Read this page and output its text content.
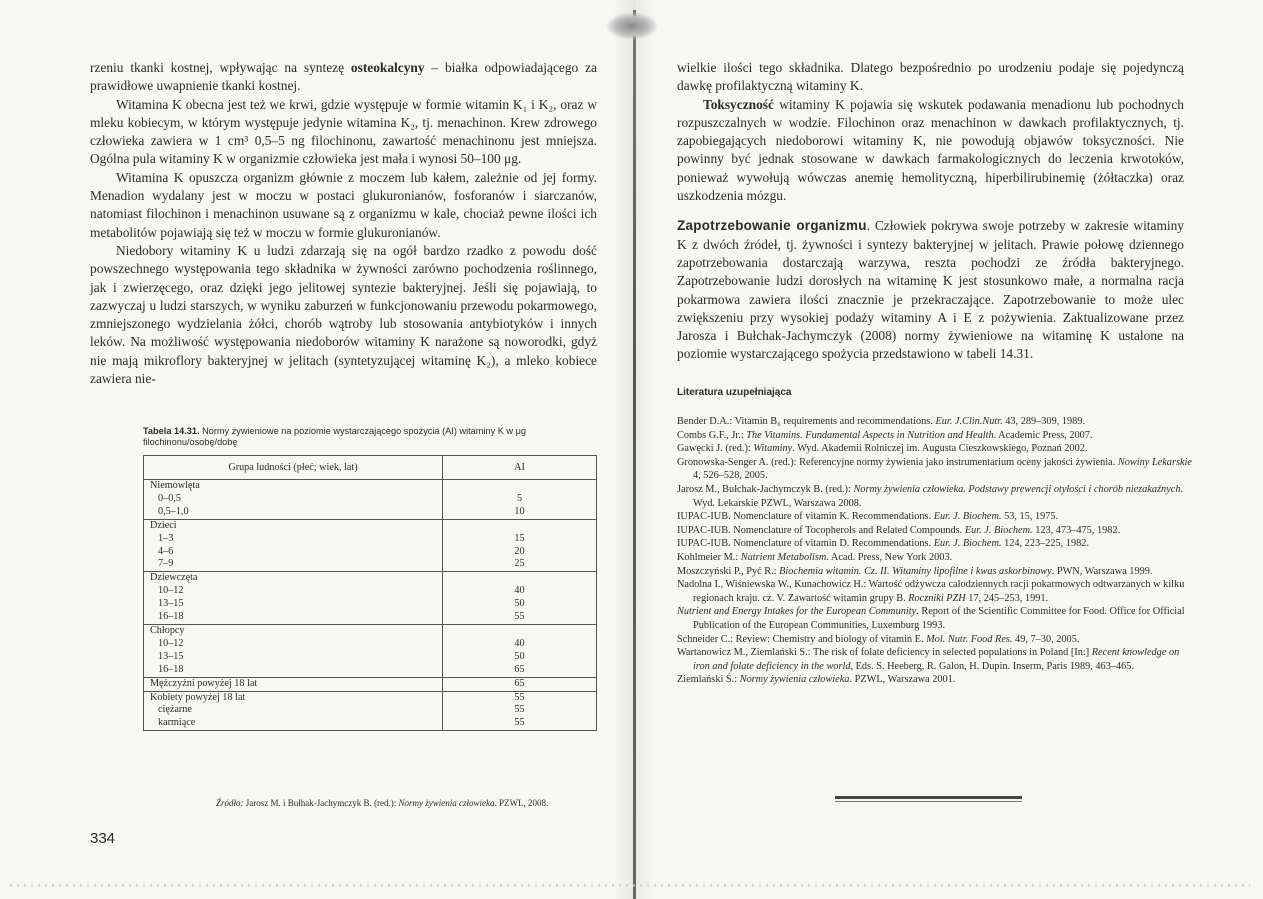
rzeniu tkanki kostnej, wpływając na syntezę osteokalcyny – białka odpowiadającego za prawidłowe uwapnienie tkanki kostnej.

Witamina K obecna jest też we krwi, gdzie występuje w formie witamin K₁ i K₂, oraz w mleku kobiecym, w którym występuje jedynie witamina K₂, tj. menachinon. Krew zdrowego człowieka zawiera w 1 cm³ 0,5–5 ng filochinonu, zawartość menachinonu jest mniejsza. Ogólna pula witaminy K w organizmie człowieka jest mała i wynosi 50–100 μg.

Witamina K opuszcza organizm głównie z moczem lub kałem, zależnie od jej formy. Menadion wydalany jest w moczu w postaci glukuronianów, fosforanów i siarczanów, natomiast filochinon i menachinon usuwane są z organizmu w kale, chociaż pewne ilości ich metabolitów pojawiają się też w moczu w formie glukuronianów.

Niedobory witaminy K u ludzi zdarzają się na ogół bardzo rzadko z powodu dość powszechnego występowania tego składnika w żywności zarówno pochodzenia roślinnego, jak i zwierzęcego, oraz dzięki jego jelitowej syntezie bakteryjnej. Jeśli się pojawiają, to zazwyczaj u ludzi starszych, w wyniku zaburzeń w funkcjonowaniu przewodu pokarmowego, zmniejszonego wydzielania żółci, chorób wątroby lub stosowania antybiotyków i innych leków. Na możliwość występowania niedoborów witaminy K narażone są noworodki, gdyż nie mają mikroflory bakteryjnej w jelitach (syntetyzującej witaminę K₂), a mleko kobiece zawiera nie-

Tabela 14.31. Normy żywieniowe na poziomie wystarczającego spożycia (AI) witaminy K w μg filochinonu/osobę/dobę
Grupa ludności (płeć; wiek, lat)	AI
Niemowlęta	
0–0,5	5
0,5–1,0	10
Dzieci	
1–3	15
4–6	20
7–9	25
Dziewczęta	
10–12	40
13–15	50
16–18	55
Chłopcy	
10–12	40
13–15	50
16–18	65
Mężczyźni powyżej 18 lat	65
Kobiety powyżej 18 lat	55
ciężarne	55
karmiące	55
Źródło: Jarosz M. i Bułhak-Jachymczyk B. (red.): Normy żywienia człowieka. PZWL, 2008.
334

wielkie ilości tego składnika. Dlatego bezpośrednio po urodzeniu podaje się pojedynczą dawkę profilaktyczną witaminy K.

Toksyczność witaminy K pojawia się wskutek podawania menadionu lub pochodnych rozpuszczalnych w wodzie. Filochinon oraz menachinon w dawkach profilaktycznych, tj. zapobiegających niedoborowi witaminy K, nie powodują objawów toksyczności. Nie powinny być jednak stosowane w dawkach farmakologicznych do leczenia krwotoków, ponieważ wywołują wówczas anemię hemolityczną, hiperbilirubinemię (żółtaczka) oraz uszkodzenia mózgu.

Zapotrzebowanie organizmu. Człowiek pokrywa swoje potrzeby w zakresie witaminy K z dwóch źródeł, tj. żywności i syntezy bakteryjnej w jelitach. Prawie połowę dziennego zapotrzebowania dostarczają warzywa, reszta pochodzi ze źródła bakteryjnego. Zapotrzebowanie ludzi dorosłych na witaminę K jest stosunkowo małe, a normalna racja pokarmowa zawiera ilości znacznie je przekraczające. Zapotrzebowanie to może ulec zwiększeniu przy wysokiej podaży witaminy A i E z pożywienia. Zaktualizowane przez Jarosza i Bułchak-Jachymczyk (2008) normy żywieniowe na witaminę K ustalone na poziomie wystarczającego spożycia przedstawiono w tabeli 14.31.

Literatura uzupełniająca
Bender D.A.: Vitamin B₆ requirements and recommendations. Eur. J.Clin.Nutr. 43, 289–309, 1989.
Combs G.F., Jr.: The Vitamins. Fundamental Aspects in Nutrition and Health. Academic Press, 2007.
Gawęcki J. (red.): Witaminy. Wyd. Akademii Rolniczej im. Augusta Cieszkowskiego, Poznań 2002.
Gronowska-Senger A. (red.): Referencyjne normy żywienia jako instrumentarium oceny jakości żywienia. Nowiny Lekarskie 4, 526–528, 2005.
Jarosz M., Bułchak-Jachymczyk B. (red.): Normy żywienia człowieka. Podstawy prewencji otyłości i chorób niezakaźnych. Wyd. Lekarskie PZWL, Warszawa 2008.
IUPAC-IUB. Nomenclature of vitamin K. Recommendations. Eur. J. Biochem. 53, 15, 1975.
IUPAC-IUB. Nomenclature of Tocopherols and Related Compounds. Eur. J. Biochem. 123, 473–475, 1982.
IUPAC-IUB. Nomenclature of vitamin D. Recommendations. Eur. J. Biochem. 124, 223–225, 1982.
Kohlmeier M.: Nutrient Metabolism. Acad. Press, New York 2003.
Moszczyński P., Pyć R.: Biochemia witamin. Cz. II. Witaminy lipofilne i kwas askorbinowy. PWN, Warszawa 1999.
Nadolna I., Wiśniewska W., Kunachowicz H.: Wartość odżywcza całodziennych racji pokarmowych odtwarzanych w kilku regionach kraju. cz. V. Zawartość witamin grupy B. Roczniki PZH 17, 245–253, 1991.
Nutrient and Energy Intakes for the European Community. Report of the Scientific Committee for Food. Office for Official Publication of the European Communities, Luxemburg 1993.
Schneider C.: Review: Chemistry and biology of vitamin E. Mol. Nutr. Food Res. 49, 7–30, 2005.
Wartanowicz M., Ziemlański S.: The risk of folate deficiency in selected populations in Poland [In:] Recent knowledge on iron and folate deficiency in the world, Eds. S. Heeberg, R. Galon, H. Dupin. Inserm, Paris 1989, 463–465.
Ziemlański Ś.: Normy żywienia człowieka. PZWL, Warszawa 2001.
